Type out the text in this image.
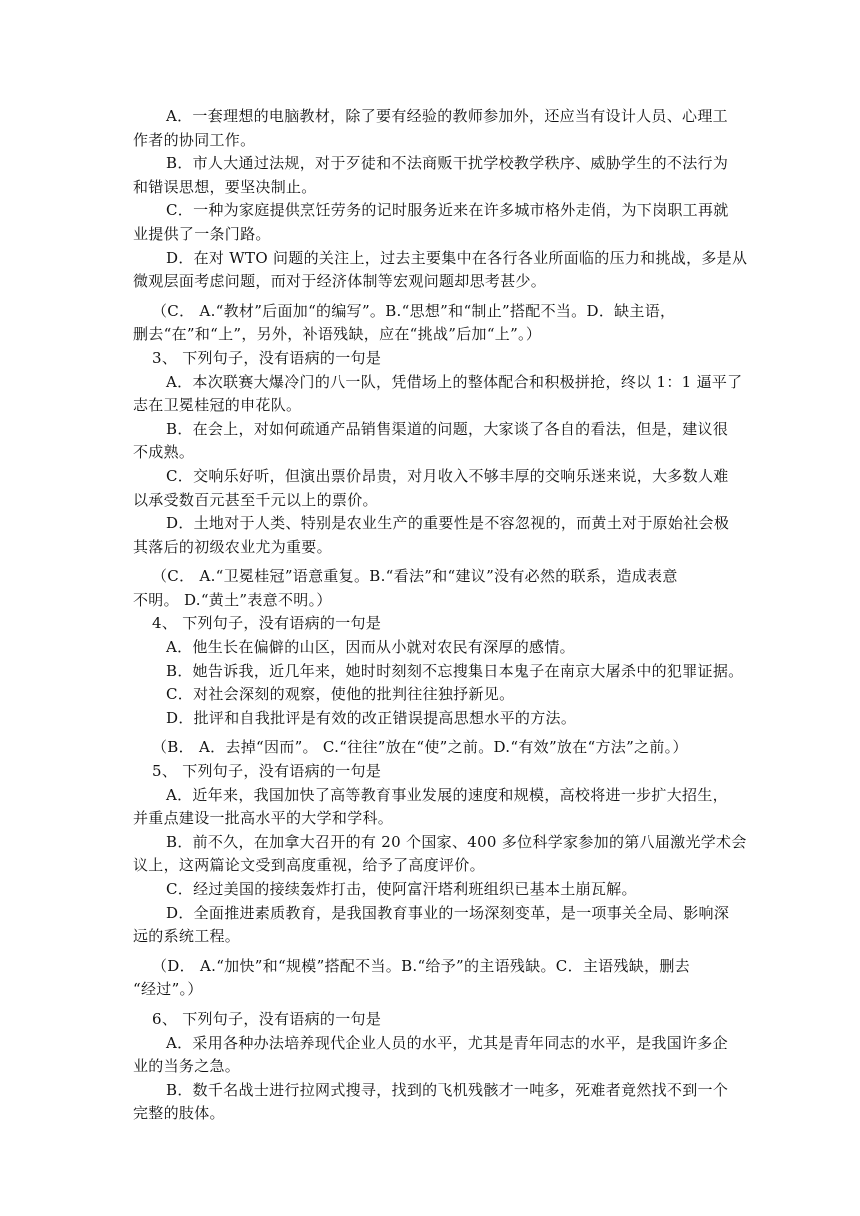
A．一套理想的电脑教材，除了要有经验的教师参加外，还应当有设计人员、心理工
作者的协同工作。
B．市人大通过法规，对于歹徒和不法商贩干扰学校教学秩序、威胁学生的不法行为
和错误思想，要坚决制止。
C．一种为家庭提供烹饪劳务的记时服务近来在许多城市格外走俏，为下岗职工再就
业提供了一条门路。
D．在对 WTO 问题的关注上，过去主要集中在各行各业所面临的压力和挑战，多是从
微观层面考虑问题，而对于经济体制等宏观问题却思考甚少。
（C． A.“教材”后面加“的编写”。B.“思想”和“制止”搭配不当。D．缺主语，
删去“在”和“上”，另外，补语残缺，应在“挑战”后加“上”。）
3、 下列句子，没有语病的一句是
A．本次联赛大爆冷门的八一队，凭借场上的整体配合和积极拼抢，终以 1：1 逼平了
志在卫冕桂冠的申花队。
B．在会上，对如何疏通产品销售渠道的问题，大家谈了各自的看法，但是，建议很
不成熟。
C．交响乐好听，但演出票价昂贵，对月收入不够丰厚的交响乐迷来说，大多数人难
以承受数百元甚至千元以上的票价。
D．土地对于人类、特别是农业生产的重要性是不容忽视的，而黄土对于原始社会极
其落后的初级农业尤为重要。
（C． A.“卫冕桂冠”语意重复。B.“看法”和“建议”没有必然的联系，造成表意
不明。 D.“黄土”表意不明。）
4、 下列句子，没有语病的一句是
A．他生长在偏僻的山区，因而从小就对农民有深厚的感情。
B．她告诉我，近几年来，她时时刻刻不忘搜集日本鬼子在南京大屠杀中的犯罪证据。
C．对社会深刻的观察，使他的批判往往独抒新见。
D．批评和自我批评是有效的改正错误提高思想水平的方法。
（B． A．去掉“因而”。 C.“往往”放在“使”之前。D.“有效”放在“方法”之前。）
5、 下列句子，没有语病的一句是
A．近年来，我国加快了高等教育事业发展的速度和规模，高校将进一步扩大招生，
并重点建设一批高水平的大学和学科。
B．前不久，在加拿大召开的有 20 个国家、400 多位科学家参加的第八届激光学术会
议上，这两篇论文受到高度重视，给予了高度评价。
C．经过美国的接续轰炸打击，使阿富汗塔利班组织已基本土崩瓦解。
D．全面推进素质教育，是我国教育事业的一场深刻变革，是一项事关全局、影响深
远的系统工程。
（D． A.“加快”和“规模”搭配不当。B.“给予”的主语残缺。C．主语残缺，删去
“经过”。）
6、 下列句子，没有语病的一句是
A．采用各种办法培养现代企业人员的水平，尤其是青年同志的水平，是我国许多企
业的当务之急。
B．数千名战士进行拉网式搜寻，找到的飞机残骸才一吨多，死难者竟然找不到一个
完整的肢体。
